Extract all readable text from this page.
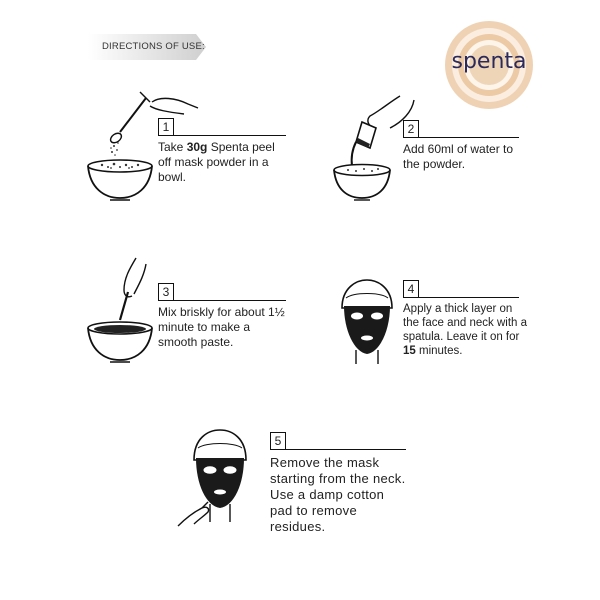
DIRECTIONS OF USE:
spenta
1
Take 30g Spenta peel off mask powder in a bowl.
2
Add 60ml of water to the powder.
3
Mix briskly for about 1½ minute to make a smooth paste.
4
Apply a thick layer on the face and neck with a spatula. Leave it on for 15 minutes.
5
Remove the mask starting from the neck. Use a damp cotton pad to remove residues.
